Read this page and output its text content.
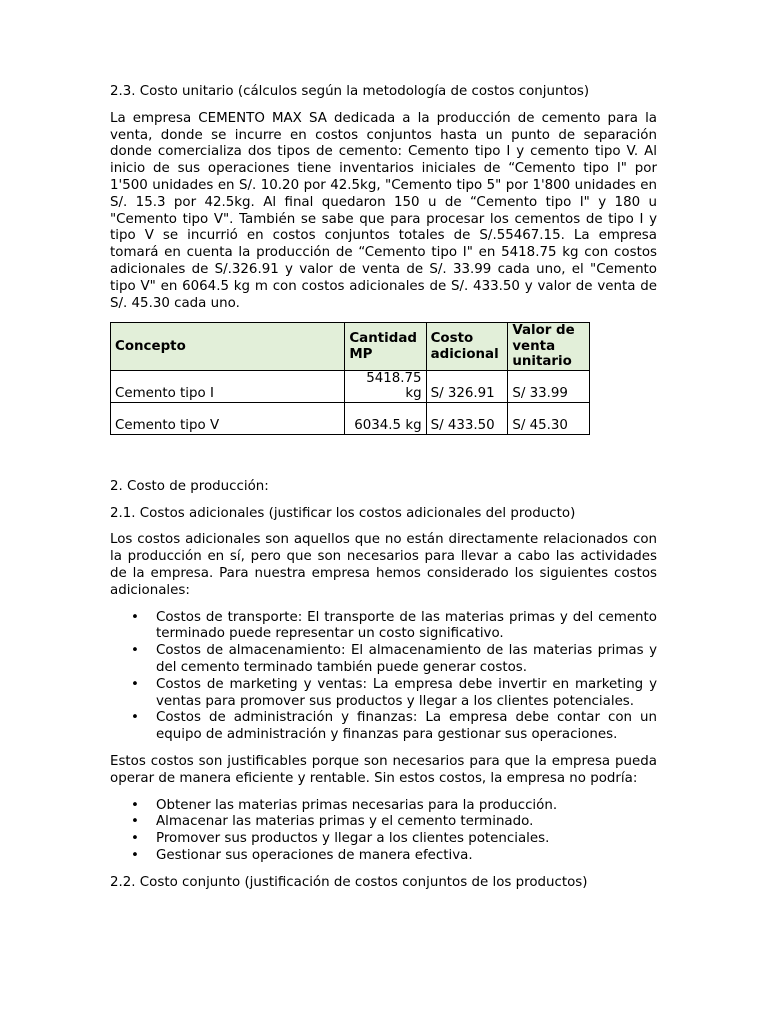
2.3. Costo unitario (cálculos según la metodología de costos conjuntos)

La empresa CEMENTO MAX SA dedicada a la producción de cemento para la venta, donde se incurre en costos conjuntos hasta un punto de separación donde comercializa dos tipos de cemento: Cemento tipo I y cemento tipo V. Al inicio de sus operaciones tiene inventarios iniciales de “Cemento tipo I" por 1'500 unidades en S/. 10.20 por 42.5kg, "Cemento tipo 5" por 1'800 unidades en S/. 15.3 por 42.5kg. Al final quedaron 150 u de “Cemento tipo I" y 180 u "Cemento tipo V". También se sabe que para procesar los cementos de tipo I y tipo V se incurrió en costos conjuntos totales de S/.55467.15. La empresa tomará en cuenta la producción de “Cemento tipo I" en 5418.75 kg con costos adicionales de S/.326.91 y valor de venta de S/. 33.99 cada uno, el "Cemento tipo V" en 6064.5 kg m con costos adicionales de S/. 433.50 y valor de venta de S/. 45.30 cada uno.

Concepto	Cantidad MP	Costo adicional	Valor de venta unitario
Cemento tipo I	5418.75 kg	S/ 326.91	S/ 33.99
Cemento tipo V	6034.5 kg	S/ 433.50	S/ 45.30

2. Costo de producción:

2.1. Costos adicionales (justificar los costos adicionales del producto)

Los costos adicionales son aquellos que no están directamente relacionados con la producción en sí, pero que son necesarios para llevar a cabo las actividades de la empresa. Para nuestra empresa hemos considerado los siguientes costos adicionales:

• Costos de transporte: El transporte de las materias primas y del cemento terminado puede representar un costo significativo.
• Costos de almacenamiento: El almacenamiento de las materias primas y del cemento terminado también puede generar costos.
• Costos de marketing y ventas: La empresa debe invertir en marketing y ventas para promover sus productos y llegar a los clientes potenciales.
• Costos de administración y finanzas: La empresa debe contar con un equipo de administración y finanzas para gestionar sus operaciones.

Estos costos son justificables porque son necesarios para que la empresa pueda operar de manera eficiente y rentable. Sin estos costos, la empresa no podría:

• Obtener las materias primas necesarias para la producción.
• Almacenar las materias primas y el cemento terminado.
• Promover sus productos y llegar a los clientes potenciales.
• Gestionar sus operaciones de manera efectiva.

2.2. Costo conjunto (justificación de costos conjuntos de los productos)
